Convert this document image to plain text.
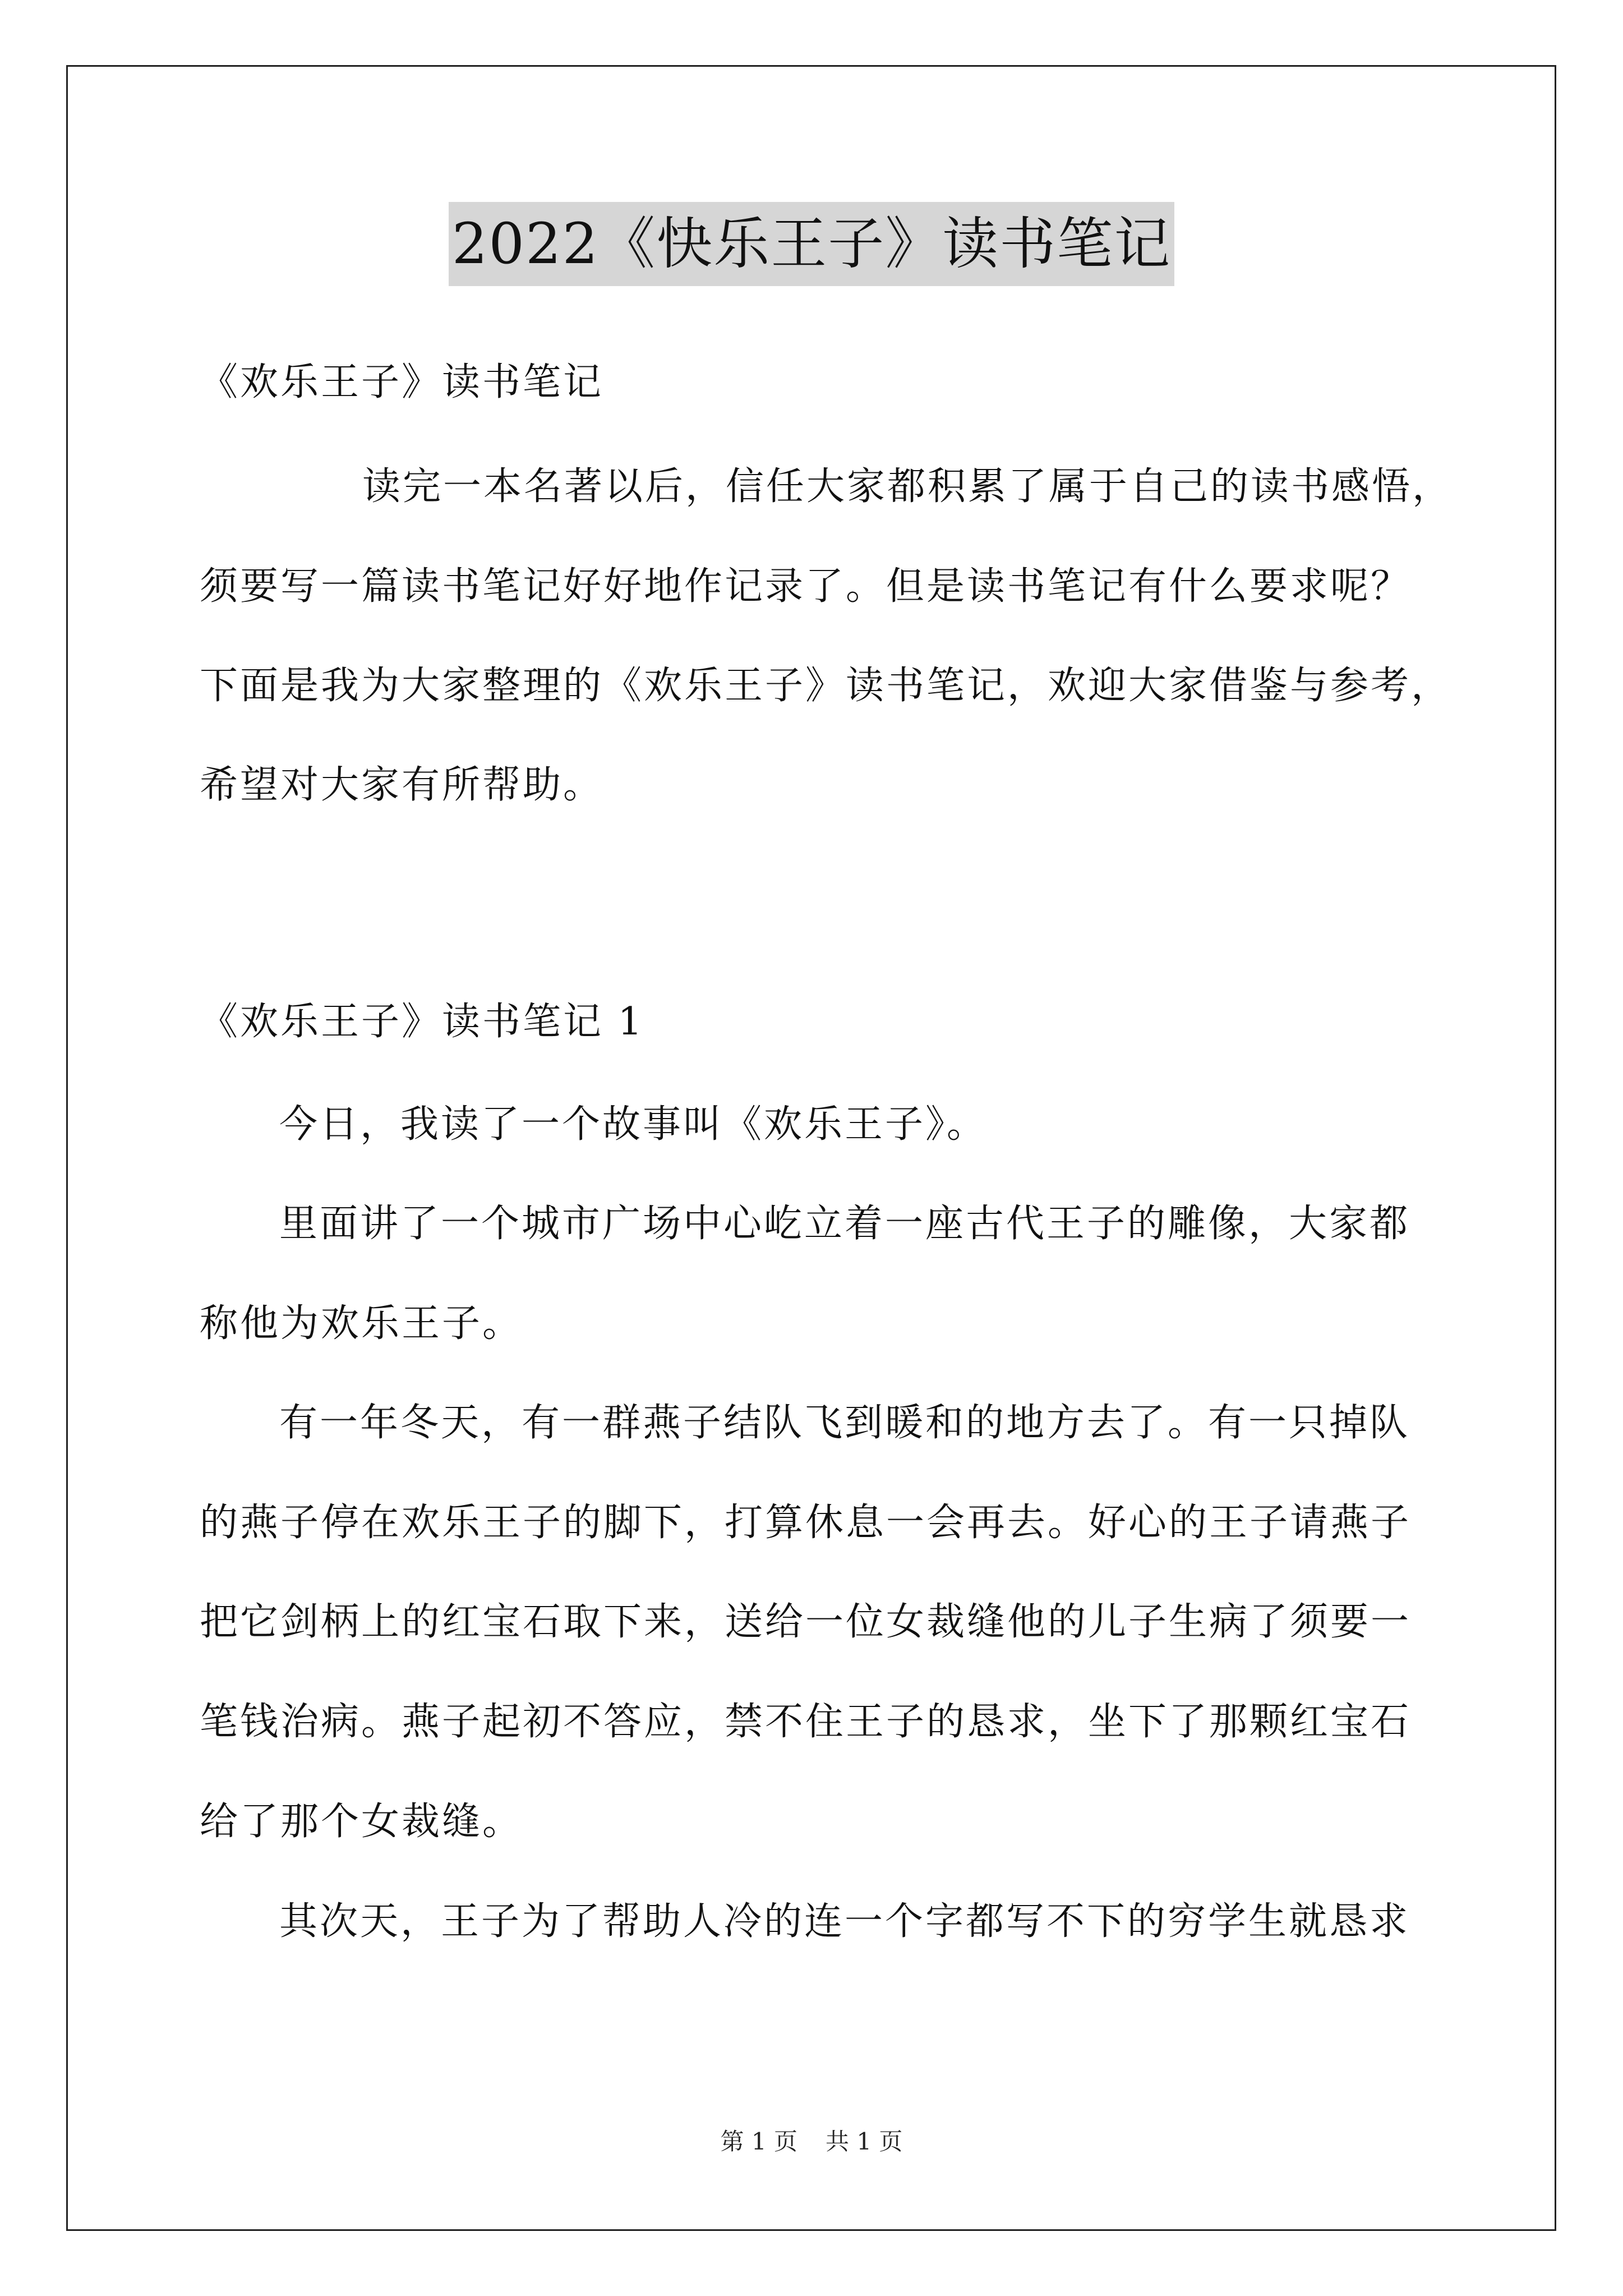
2022《快乐王子》读书笔记
《欢乐王子》读书笔记
读完一本名著以后，信任大家都积累了属于自己的读书感悟，
须要写一篇读书笔记好好地作记录了。但是读书笔记有什么要求呢？
下面是我为大家整理的《欢乐王子》读书笔记，欢迎大家借鉴与参考，
希望对大家有所帮助。
《欢乐王子》读书笔记 1
今日，我读了一个故事叫《欢乐王子》。
里面讲了一个城市广场中心屹立着一座古代王子的雕像，大家都
称他为欢乐王子。
有一年冬天，有一群燕子结队飞到暖和的地方去了。有一只掉队
的燕子停在欢乐王子的脚下，打算休息一会再去。好心的王子请燕子
把它剑柄上的红宝石取下来，送给一位女裁缝他的儿子生病了须要一
笔钱治病。燕子起初不答应，禁不住王子的恳求，坐下了那颗红宝石
给了那个女裁缝。
其次天，王子为了帮助人冷的连一个字都写不下的穷学生就恳求
第 1 页 共 1 页
